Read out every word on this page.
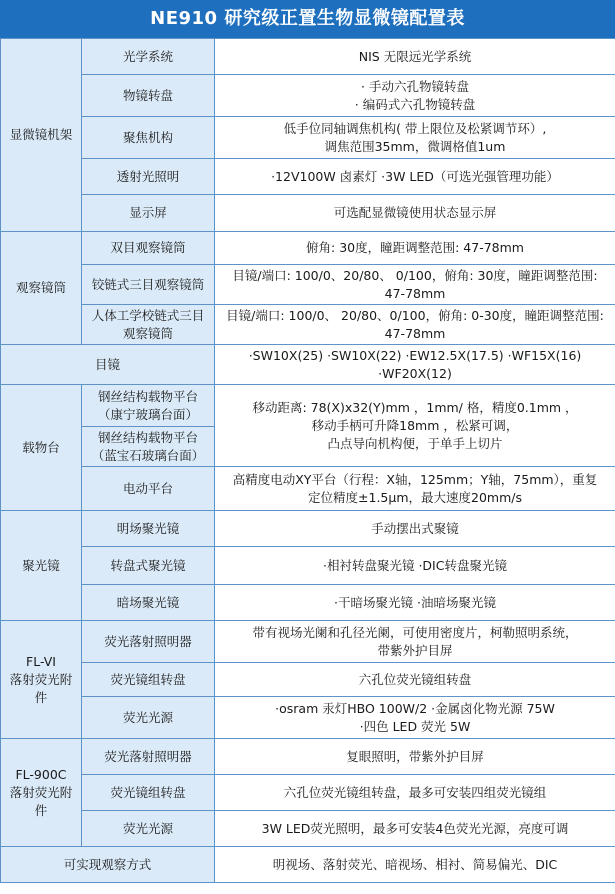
NE910 研究级正置生物显微镜配置表
显微镜机架	光学系统	NIS 无限远光学系统

	物镜转盘	· 手动六孔物镜转盘
· 编码式六孔物镜转盘

	聚焦机构	低手位同轴调焦机构( 带上限位及松紧调节环）,
调焦范围35mm，微调格值1um

	透射光照明	·12V100W 卤素灯 ·3W LED（可选光强管理功能）

	显示屏	可选配显微镜使用状态显示屏

观察镜筒	双目观察镜筒	俯角: 30度，瞳距调整范围: 47-78mm

	铰链式三目观察镜筒	目镜/端口: 100/0、20/80、 0/100，俯角: 30度，瞳距调整范围:
47-78mm

	人体工学校链式三目
观察镜筒	目镜/端口: 100/0、 20/80、0/100，俯角: 0-30度，瞳距调整范围:
47-78mm

目镜		·SW10X(25) ·SW10X(22) ·EW12.5X(17.5) ·WF15X(16)
·WF20X(12)

载物台	钢丝结构载物平台
（康宁玻璃台面）	移动距离: 78(X)x32(Y)mm ，1mm/ 格，精度0.1mm ，
移动手柄可升降18mm ，松紧可调，
凸点导向机构便，于单手上切片

	钢丝结构载物平台
（蓝宝石玻璃台面）	

	电动平台	高精度电动XY平台（行程：X轴，125mm；Y轴，75mm），重复
定位精度±1.5μm，最大速度20mm/s

聚光镜	明场聚光镜	手动摆出式聚镜

	转盘式聚光镜	·相衬转盘聚光镜 ·DIC转盘聚光镜

	暗场聚光镜	·干暗场聚光镜 ·油暗场聚光镜

FL-VI
落射荧光附
件	荧光落射照明器	带有视场光阑和孔径光阑，可使用密度片，柯勒照明系统，
带紫外护目屏

	荧光镜组转盘	六孔位荧光镜组转盘

	荧光光源	·osram 汞灯HBO 100W/2 ·金属卤化物光源 75W
·四色 LED 荧光 5W

FL-900C
落射荧光附
件	荧光落射照明器	复眼照明，带紫外护目屏

	荧光镜组转盘	六孔位荧光镜组转盘，最多可安装四组荧光镜组

	荧光光源	3W LED荧光照明，最多可安装4色荧光光源，亮度可调

可实现观察方式		明视场、落射荧光、暗视场、相衬、简易偏光、DIC
